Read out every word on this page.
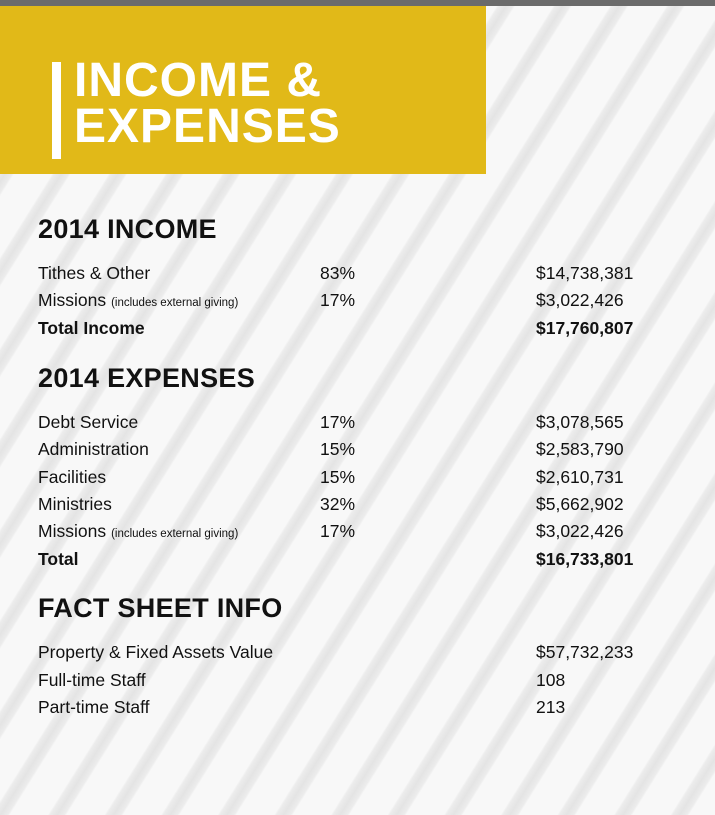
INCOME &
EXPENSES
2014 INCOME
Tithes & Other	83%	$14,738,381
Missions (includes external giving)	17%	$3,022,426
Total Income	$17,760,807
2014 EXPENSES
Debt Service	17%	$3,078,565
Administration	15%	$2,583,790
Facilities	15%	$2,610,731
Ministries	32%	$5,662,902
Missions (includes external giving)	17%	$3,022,426
Total	$16,733,801
FACT SHEET INFO
Property & Fixed Assets Value	$57,732,233
Full-time Staff	108
Part-time Staff	213
